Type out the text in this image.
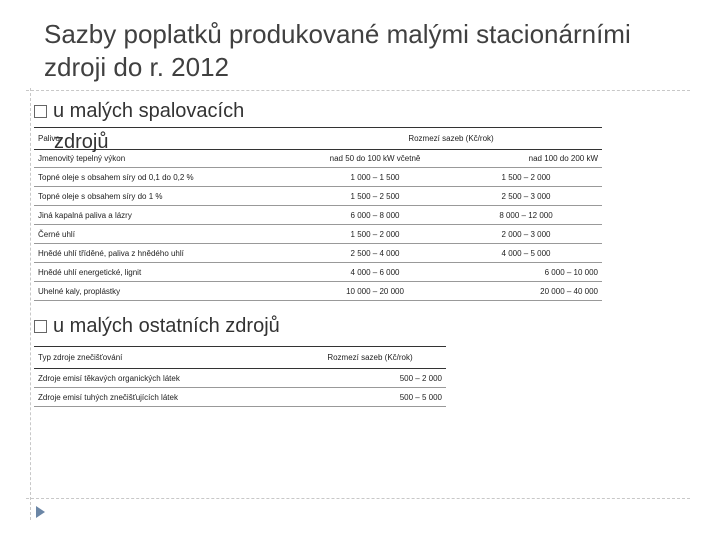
Sazby poplatků produkované malými stacionárními zdroji do r. 2012
u malých spalovacích
Palivo	Rozmezí sazeb (Kč/rok)	
Jmenovitý tepelný výkon	nad 50 do 100 kW včetně	nad 100 do 200 kW
Topné oleje s obsahem síry od 0,1 do 0,2 %	1 000 – 1 500	1 500 – 2 000
Topné oleje s obsahem síry do 1 %	1 500 – 2 500	2 500 – 3 000
Jiná kapalná paliva a lázry	6 000 – 8 000	8 000 – 12 000
Černé uhlí	1 500 – 2 000	2 000 – 3 000
Hnědé uhlí tříděné, paliva z hnědého uhlí	2 500 – 4 000	4 000 – 5 000
Hnědé uhlí energetické, lignit	4 000 – 6 000	6 000 – 10 000
Uhelné kaly, proplástky	10 000 – 20 000	20 000 – 40 000
zdrojů
u malých ostatních zdrojů
Typ zdroje znečišťování	Rozmezí sazeb (Kč/rok)
Zdroje emisí těkavých organických látek	500 – 2 000
Zdroje emisí tuhých znečišťujících látek	500 – 5 000
